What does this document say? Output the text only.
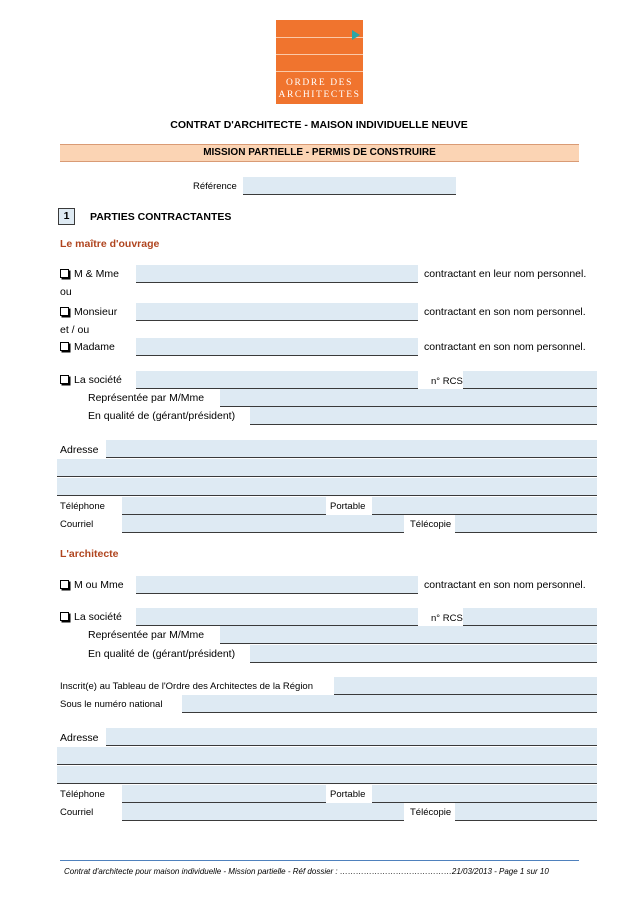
ORDRE DES
ARCHITECTES
CONTRAT D'ARCHITECTE - MAISON INDIVIDUELLE NEUVE
MISSION PARTIELLE - PERMIS DE CONSTRUIRE
Référence
1	PARTIES CONTRACTANTES
Le maître d'ouvrage
M & Mme	contractant en leur nom personnel.
ou
Monsieur	contractant en son nom personnel.
et / ou
Madame	contractant en son nom personnel.
La société	n° RCS
Représentée par M/Mme
En qualité de (gérant/président)
Adresse
Téléphone	Portable
Courriel	Télécopie
L'architecte
M ou Mme	contractant en son nom personnel.
La société	n° RCS
Représentée par M/Mme
En qualité de (gérant/président)
Inscrit(e) au Tableau de l'Ordre des Architectes de la Région
Sous le numéro national
Adresse
Téléphone	Portable
Courriel	Télécopie
Contrat d'architecte pour maison individuelle - Mission partielle - Réf dossier : ……………………………………21/03/2013 - Page 1 sur 10
